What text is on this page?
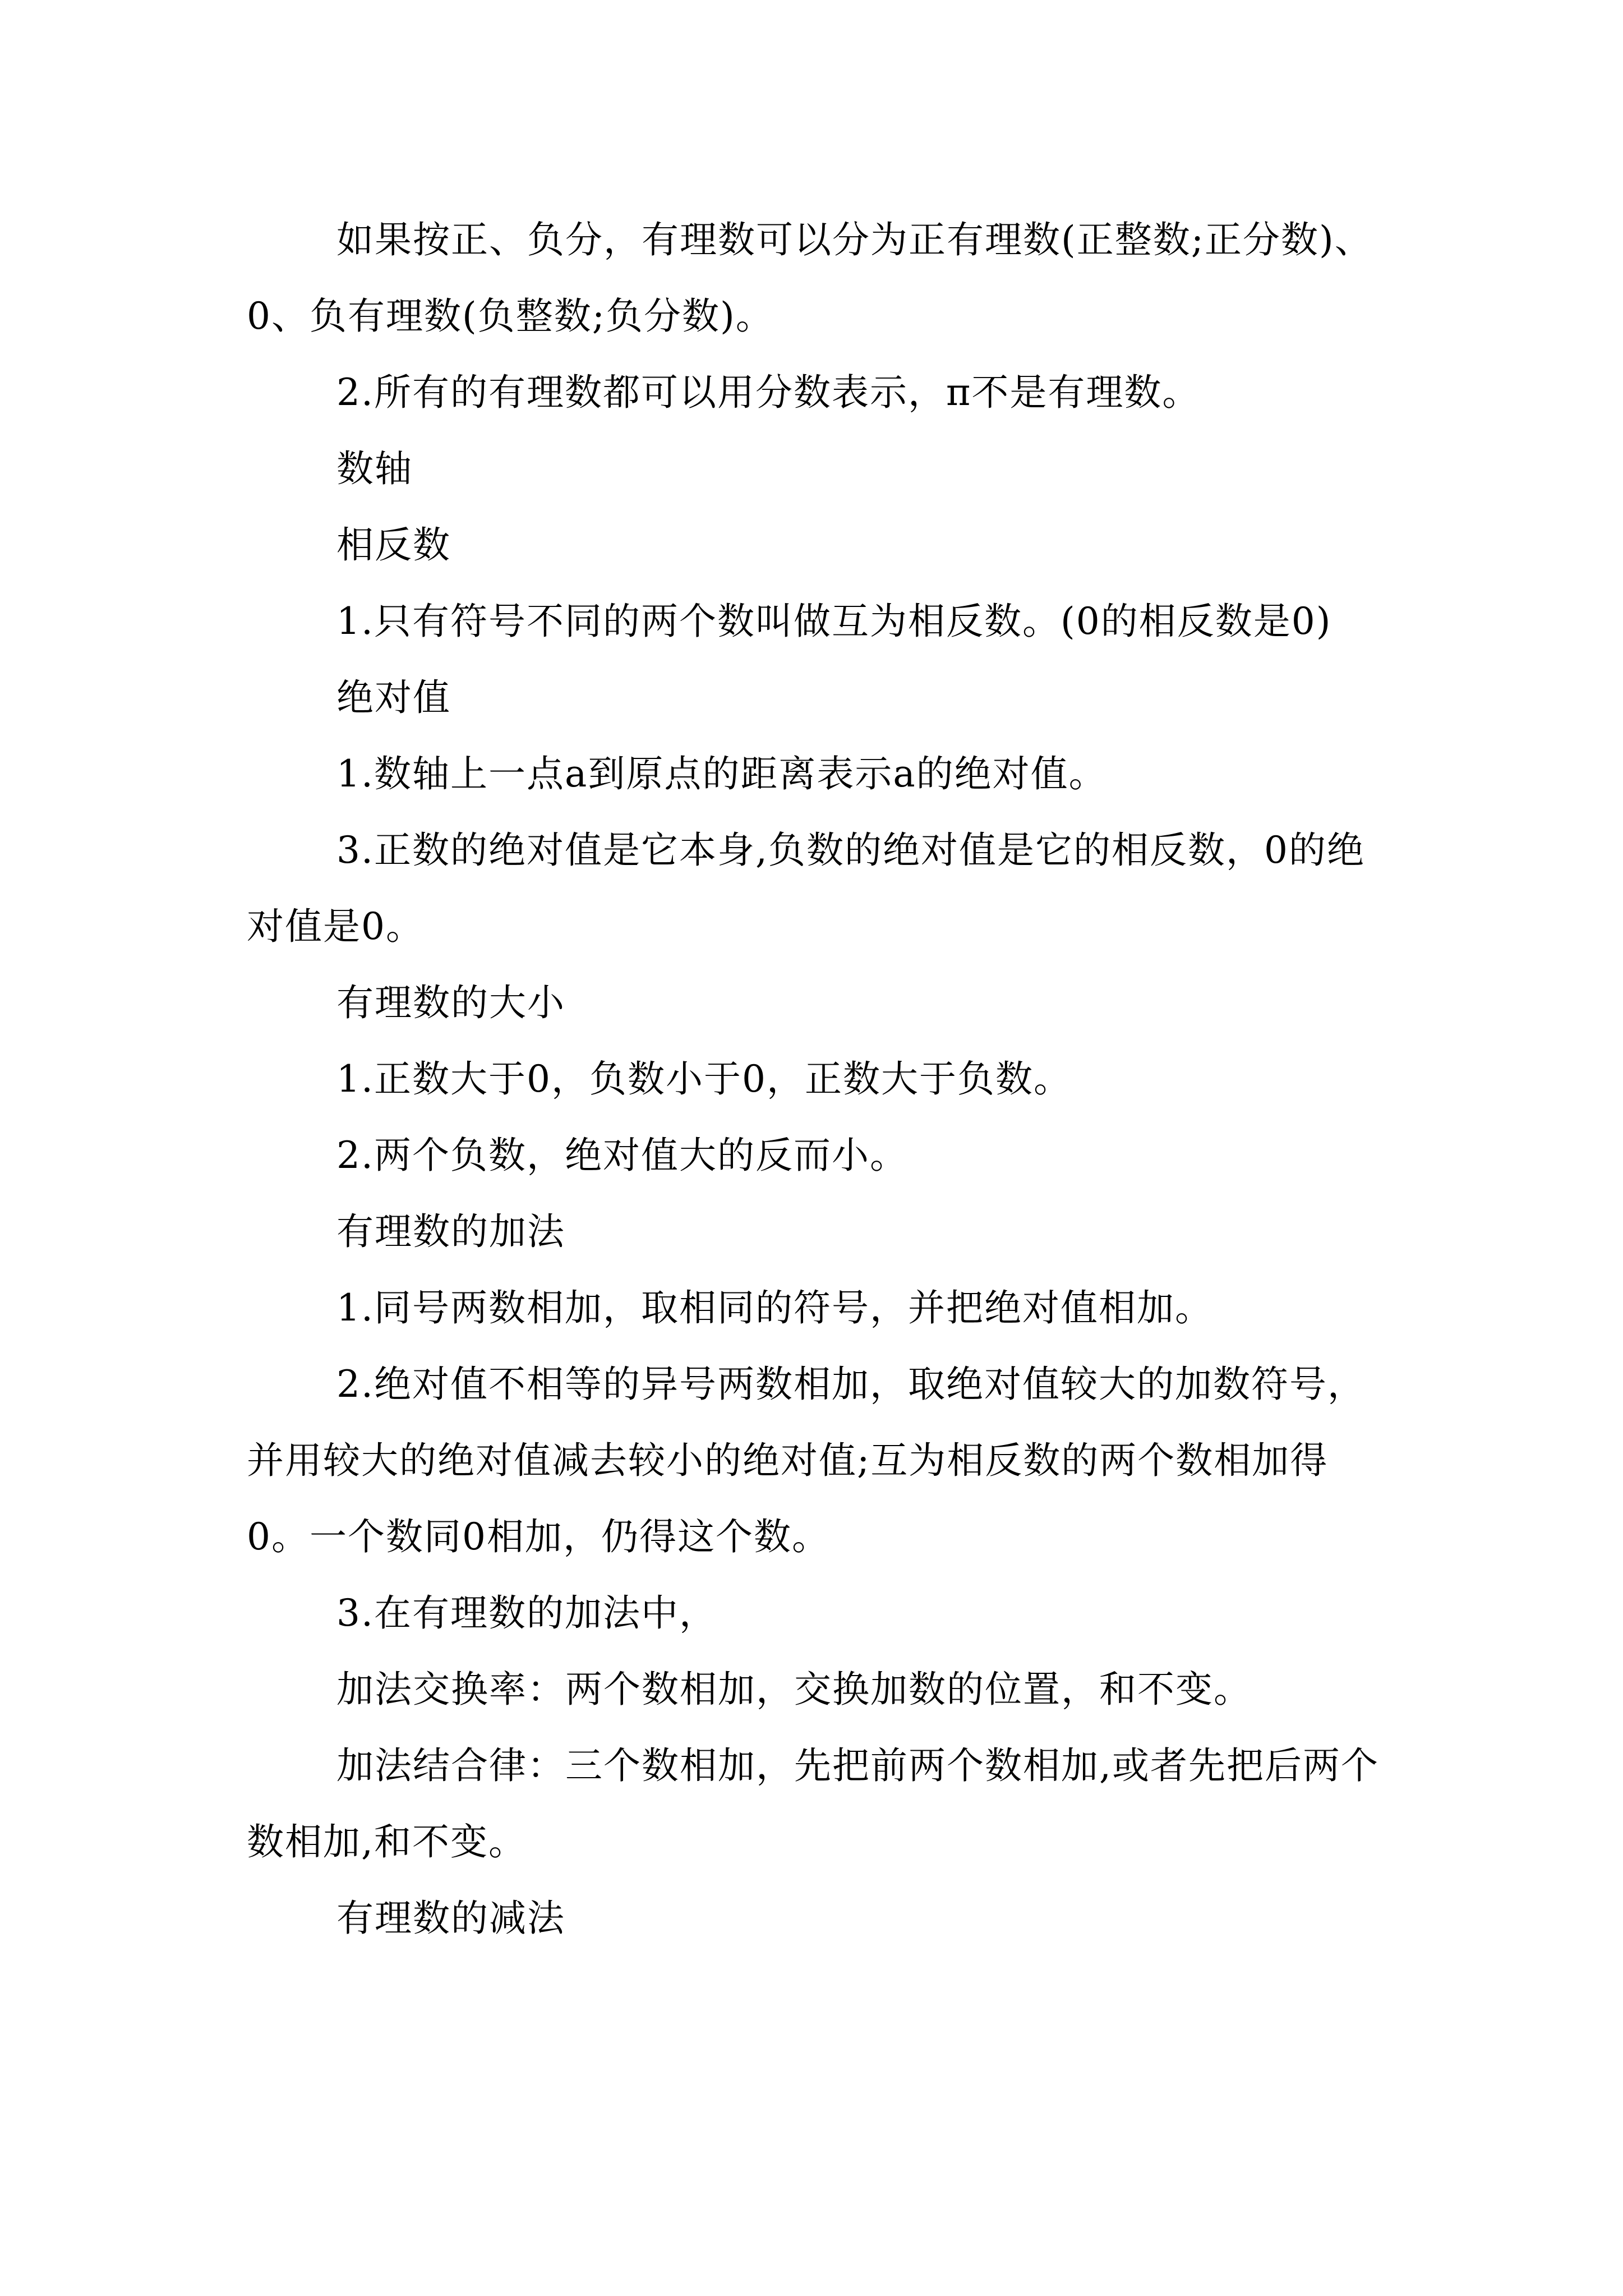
如果按正、负分，有理数可以分为正有理数(正整数;正分数)、0、负有理数(负整数;负分数)。

2.所有的有理数都可以用分数表示，π不是有理数。

数轴

相反数

1.只有符号不同的两个数叫做互为相反数。(0的相反数是0)

绝对值

1.数轴上一点a到原点的距离表示a的绝对值。

3.正数的绝对值是它本身,负数的绝对值是它的相反数，0的绝对值是0。

有理数的大小

1.正数大于0，负数小于0，正数大于负数。

2.两个负数，绝对值大的反而小。

有理数的加法

1.同号两数相加，取相同的符号，并把绝对值相加。

2.绝对值不相等的异号两数相加，取绝对值较大的加数符号，并用较大的绝对值减去较小的绝对值;互为相反数的两个数相加得0。一个数同0相加，仍得这个数。

3.在有理数的加法中，

加法交换率：两个数相加，交换加数的位置，和不变。

加法结合律：三个数相加，先把前两个数相加,或者先把后两个数相加,和不变。

有理数的减法
